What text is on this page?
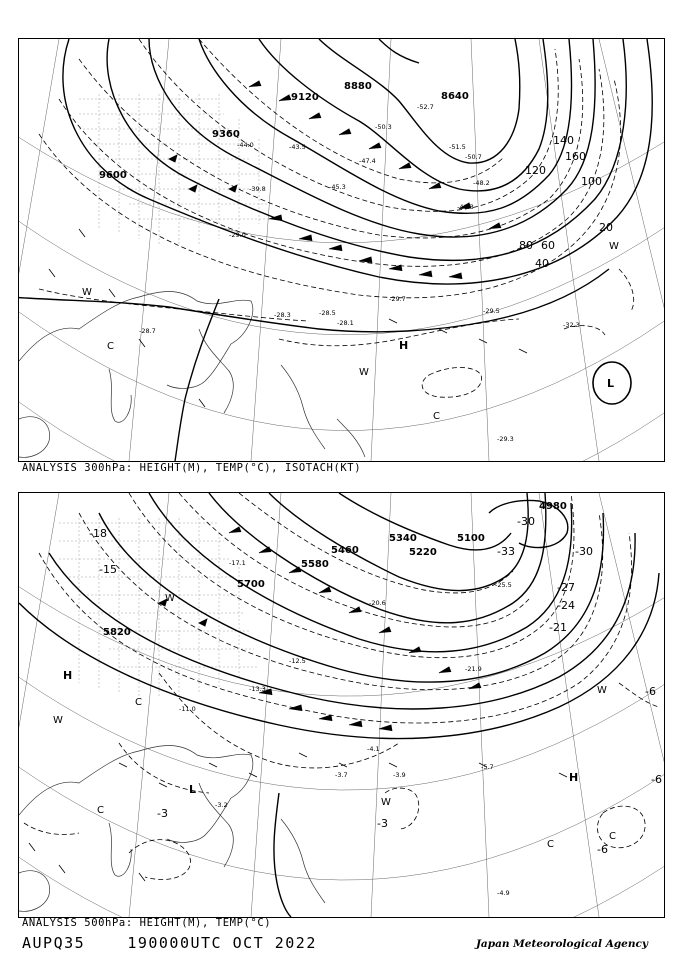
9600
9360
9120
8880
8640
160
140
120
100
80 60
40
20
-29.0
-29.7
-28.5
-28.3
-28.1
-28.7
-29.5
-32.3
-29.3
-50.7
-51.5
-48.2
-52.7
-50.3
-47.4
-44.0	-43.5
-39.8	-45.3
-40.3
H
L
W
W
C
C
W
ANALYSIS 300hPa: HEIGHT(M), TEMP(°C), ISOTACH(KT)
5820
5700
5580
5460
5340
5220
5100
4980
-33
-30
-27
-24
-21
-18
-15
-6
-3
-3
-6
-6
-30
-5.7
-3.9
-4.1
-4.9
-3.7
-3.2
-11.0
-12.5
-20.6
-25.5
-21.9
-17.1
-13.3
H
H
L
W
W
W
W
C
C
C
C
ANALYSIS 500hPa: HEIGHT(M), TEMP(°C)
AUPQ35	190000UTC OCT 2022	Japan Meteorological Agency
